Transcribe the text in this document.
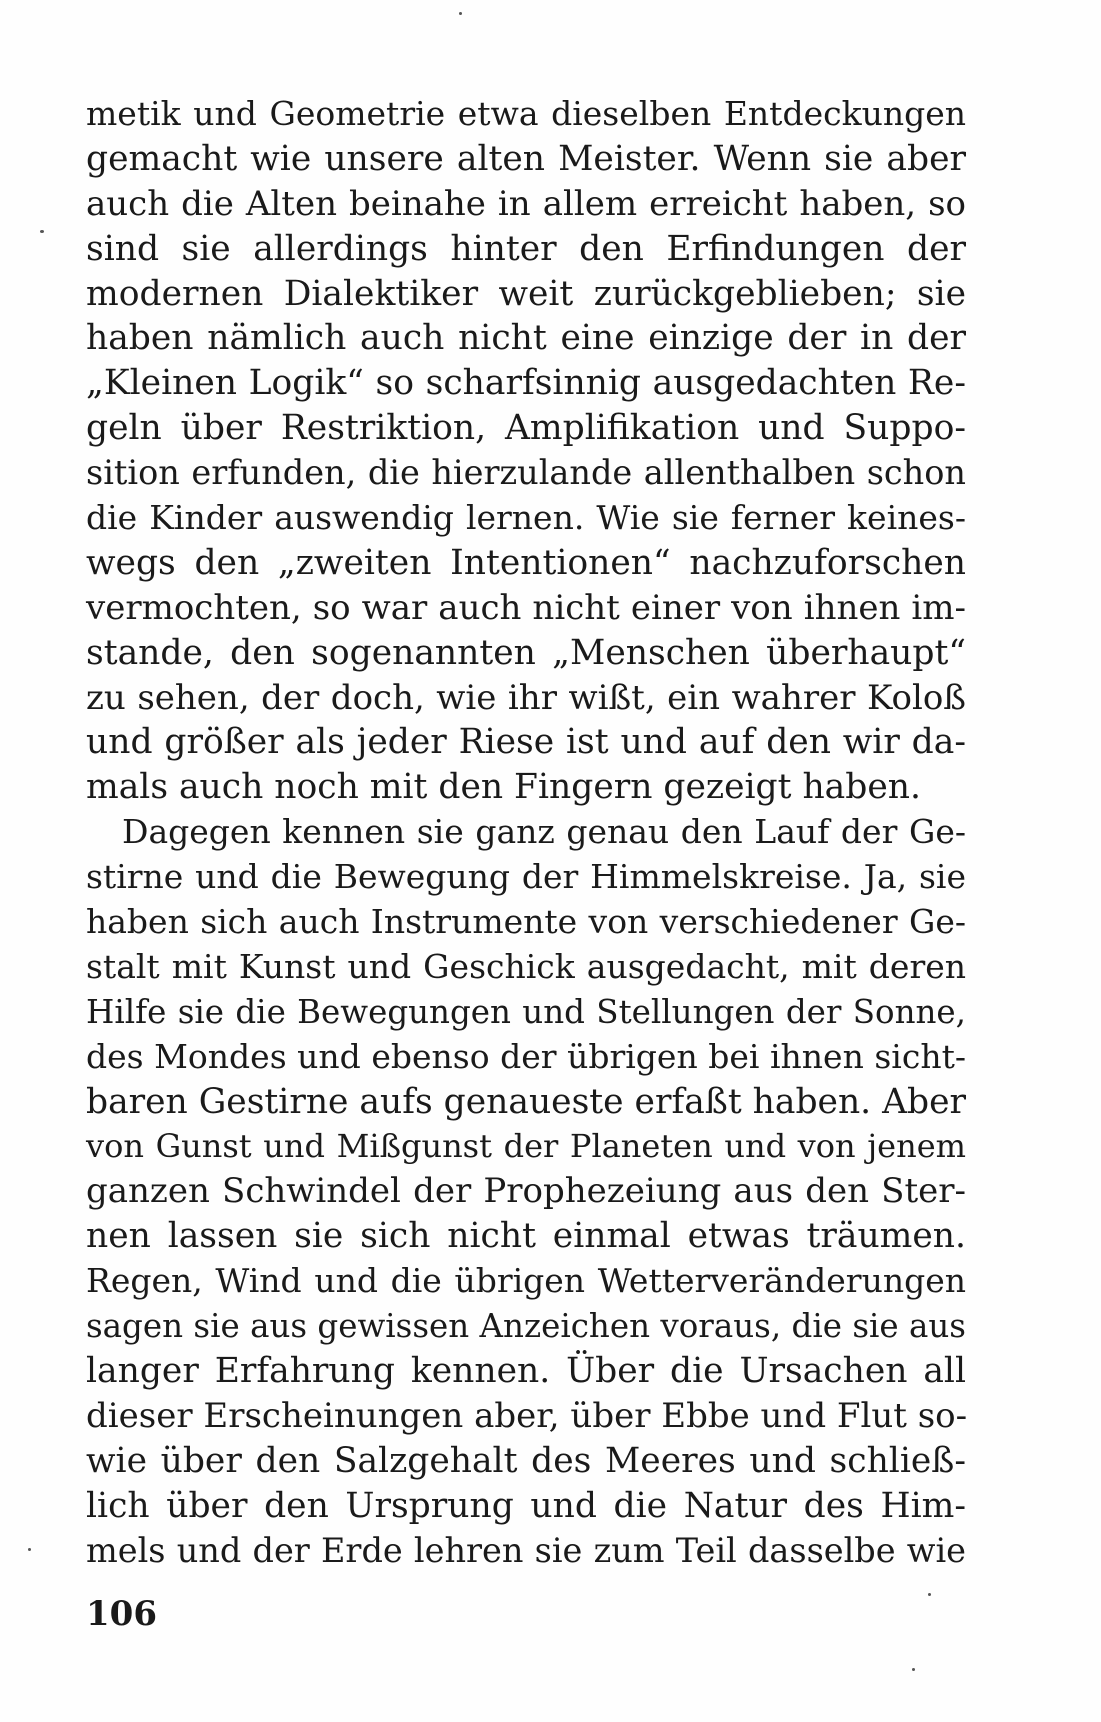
metik und Geometrie etwa dieselben Entdeckungen
gemacht wie unsere alten Meister. Wenn sie aber
auch die Alten beinahe in allem erreicht haben, so
sind sie allerdings hinter den Erfindungen der
modernen Dialektiker weit zurückgeblieben; sie
haben nämlich auch nicht eine einzige der in der
„Kleinen Logik“ so scharfsinnig ausgedachten Re-
geln über Restriktion, Amplifikation und Suppo-
sition erfunden, die hierzulande allenthalben schon
die Kinder auswendig lernen. Wie sie ferner keines-
wegs den „zweiten Intentionen“ nachzuforschen
vermochten, so war auch nicht einer von ihnen im-
stande, den sogenannten „Menschen überhaupt“
zu sehen, der doch, wie ihr wißt, ein wahrer Koloß
und größer als jeder Riese ist und auf den wir da-
mals auch noch mit den Fingern gezeigt haben.
Dagegen kennen sie ganz genau den Lauf der Ge-
stirne und die Bewegung der Himmelskreise. Ja, sie
haben sich auch Instrumente von verschiedener Ge-
stalt mit Kunst und Geschick ausgedacht, mit deren
Hilfe sie die Bewegungen und Stellungen der Sonne,
des Mondes und ebenso der übrigen bei ihnen sicht-
baren Gestirne aufs genaueste erfaßt haben. Aber
von Gunst und Mißgunst der Planeten und von jenem
ganzen Schwindel der Prophezeiung aus den Ster-
nen lassen sie sich nicht einmal etwas träumen.
Regen, Wind und die übrigen Wetterveränderungen
sagen sie aus gewissen Anzeichen voraus, die sie aus
langer Erfahrung kennen. Über die Ursachen all
dieser Erscheinungen aber, über Ebbe und Flut so-
wie über den Salzgehalt des Meeres und schließ-
lich über den Ursprung und die Natur des Him-
mels und der Erde lehren sie zum Teil dasselbe wie
106
